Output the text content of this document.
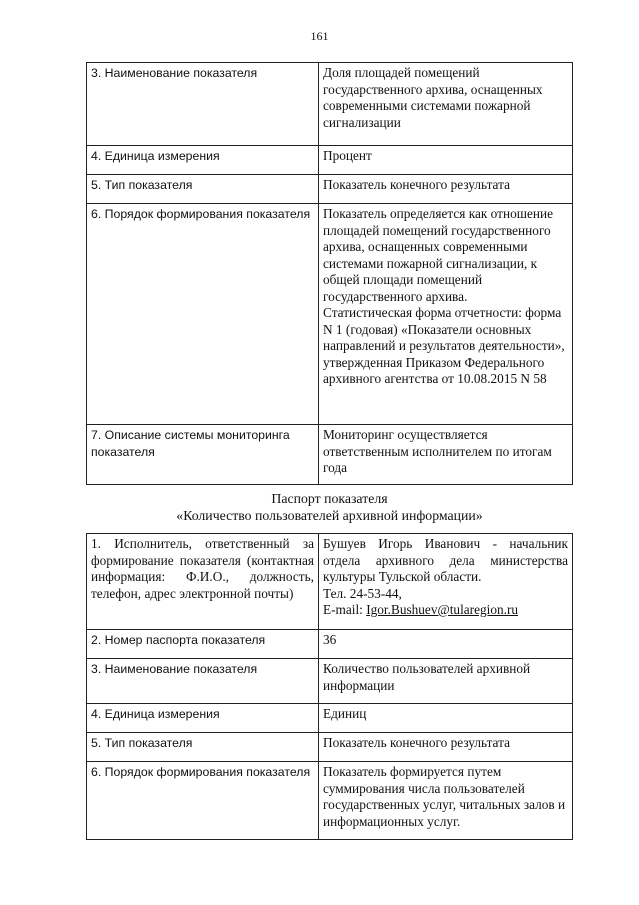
161
3. Наименование показателя	Доля площадей помещений государственного архива, оснащенных современными системами пожарной сигнализации
4. Единица измерения	Процент
5. Тип показателя	Показатель конечного результата
6. Порядок формирования показателя	Показатель определяется как отношение площадей помещений государственного архива, оснащенных современными системами пожарной сигнализации, к общей площади помещений государственного архива.
Статистическая форма отчетности: форма N 1 (годовая) «Показатели основных направлений и результатов деятельности», утвержденная Приказом Федерального архивного агентства от 10.08.2015 N 58

7. Описание системы мониторинга показателя	Мониторинг осуществляется ответственным исполнителем по итогам года
Паспорт показателя
«Количество пользователей архивной информации»
1. Исполнитель, ответственный за формирование показателя (контактная информация: Ф.И.О., должность, телефон, адрес электронной почты)	Бушуев Игорь Иванович - начальник отдела архивного дела министерства культуры Тульской области.
Тел. 24-53-44,
E-mail: Igor.Bushuev@tularegion.ru

2. Номер паспорта показателя	36
3. Наименование показателя	Количество пользователей архивной информации
4. Единица измерения	Единиц
5. Тип показателя	Показатель конечного результата
6. Порядок формирования показателя	Показатель формируется путем суммирования числа пользователей государственных услуг, читальных залов и информационных услуг.
